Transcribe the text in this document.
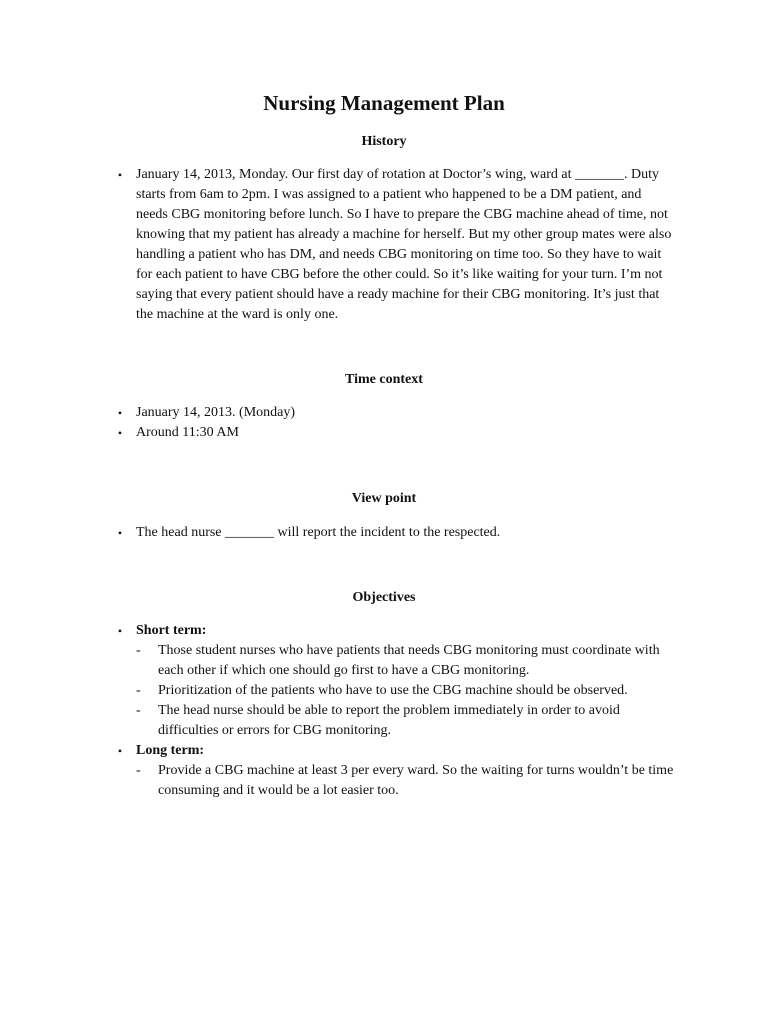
Nursing Management Plan
History
• January 14, 2013, Monday. Our first day of rotation at Doctor’s wing, ward at _______. Duty starts from 6am to 2pm. I was assigned to a patient who happened to be a DM patient, and needs CBG monitoring before lunch. So I have to prepare the CBG machine ahead of time, not knowing that my patient has already a machine for herself. But my other group mates were also handling a patient who has DM, and needs CBG monitoring on time too. So they have to wait for each patient to have CBG before the other could. So it’s like waiting for your turn. I’m not saying that every patient should have a ready machine for their CBG monitoring. It’s just that the machine at the ward is only one.
Time context
• January 14, 2013. (Monday)
• Around 11:30 AM
View point
• The head nurse _______ will report the incident to the respected.
Objectives
• Short term:
- Those student nurses who have patients that needs CBG monitoring must coordinate with each other if which one should go first to have a CBG monitoring.
- Prioritization of the patients who have to use the CBG machine should be observed.
- The head nurse should be able to report the problem immediately in order to avoid difficulties or errors for CBG monitoring.
• Long term:
- Provide a CBG machine at least 3 per every ward. So the waiting for turns wouldn’t be time consuming and it would be a lot easier too.
